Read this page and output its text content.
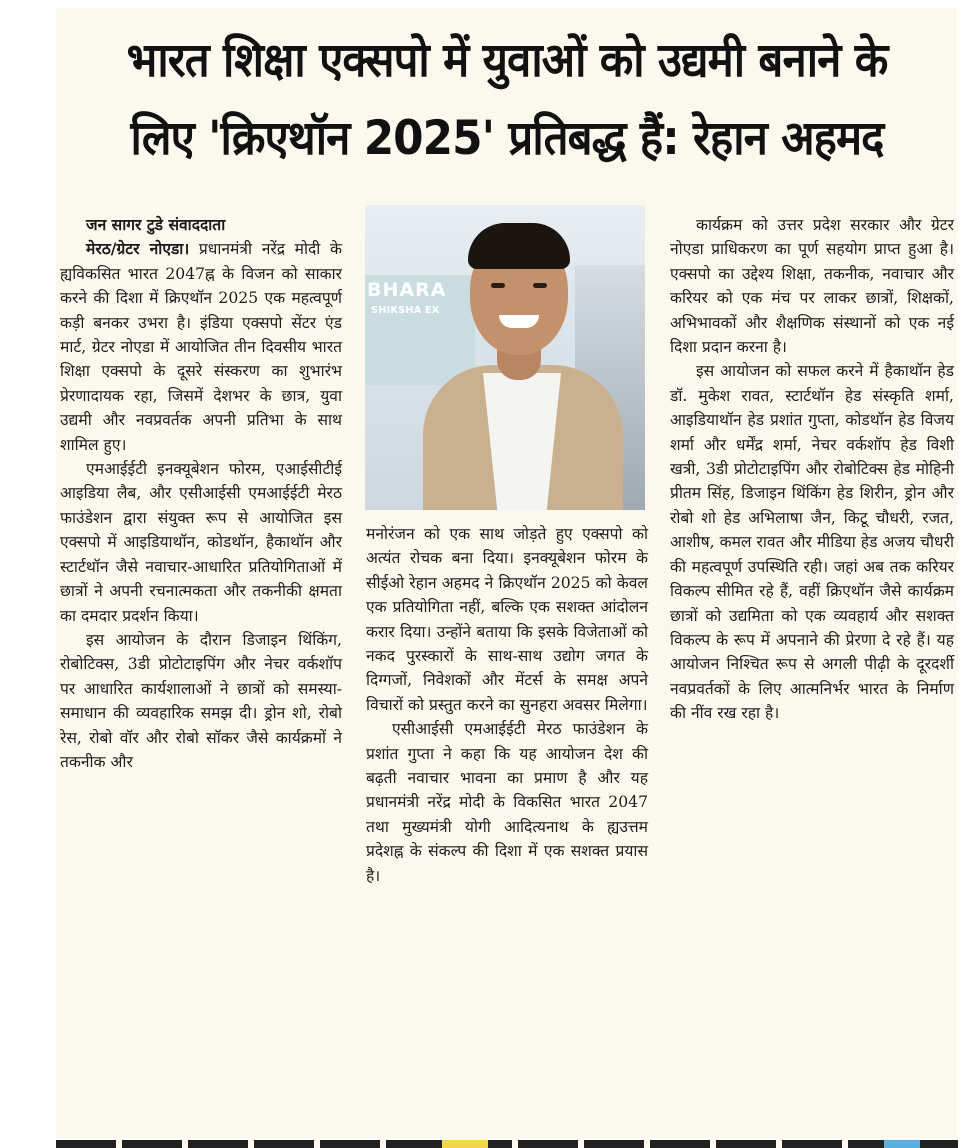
भारत शिक्षा एक्सपो में युवाओं को उद्यमी बनाने के
लिए 'क्रिएथॉन 2025' प्रतिबद्ध हैं: रेहान अहमद

जन सागर टुडे संवाददाता

मेरठ/ग्रेटर नोएडा। प्रधानमंत्री नरेंद्र मोदी के ह्यविकसित भारत 2047ह्न के विजन को साकार करने की दिशा में क्रिएथॉन 2025 एक महत्वपूर्ण कड़ी बनकर उभरा है। इंडिया एक्सपो सेंटर एंड मार्ट, ग्रेटर नोएडा में आयोजित तीन दिवसीय भारत शिक्षा एक्सपो के दूसरे संस्करण का शुभारंभ प्रेरणादायक रहा, जिसमें देशभर के छात्र, युवा उद्यमी और नवप्रवर्तक अपनी प्रतिभा के साथ शामिल हुए।

एमआईईटी इनक्यूबेशन फोरम, एआईसीटीई आइडिया लैब, और एसीआईसी एमआईईटी मेरठ फाउंडेशन द्वारा संयुक्त रूप से आयोजित इस एक्सपो में आइडियाथॉन, कोडथॉन, हैकाथॉन और स्टार्टथॉन जैसे नवाचार-आधारित प्रतियोगिताओं में छात्रों ने अपनी रचनात्मकता और तकनीकी क्षमता का दमदार प्रदर्शन किया।

इस आयोजन के दौरान डिजाइन थिंकिंग, रोबोटिक्स, 3डी प्रोटोटाइपिंग और नेचर वर्कशॉप पर आधारित कार्यशालाओं ने छात्रों को समस्या-समाधान की व्यवहारिक समझ दी। ड्रोन शो, रोबो रेस, रोबो वॉर और रोबो सॉकर जैसे कार्यक्रमों ने तकनीक और

BHARA
SHIKSHA EX

मनोरंजन को एक साथ जोड़ते हुए एक्सपो को अत्यंत रोचक बना दिया। इनक्यूबेशन फोरम के सीईओ रेहान अहमद ने क्रिएथॉन 2025 को केवल एक प्रतियोगिता नहीं, बल्कि एक सशक्त आंदोलन करार दिया। उन्होंने बताया कि इसके विजेताओं को नकद पुरस्कारों के साथ-साथ उद्योग जगत के दिग्गजों, निवेशकों और मेंटर्स के समक्ष अपने विचारों को प्रस्तुत करने का सुनहरा अवसर मिलेगा।

एसीआईसी एमआईईटी मेरठ फाउंडेशन के प्रशांत गुप्ता ने कहा कि यह आयोजन देश की बढ़ती नवाचार भावना का प्रमाण है और यह प्रधानमंत्री नरेंद्र मोदी के विकसित भारत 2047 तथा मुख्यमंत्री योगी आदित्यनाथ के ह्यउत्तम प्रदेशह्न के संकल्प की दिशा में एक सशक्त प्रयास है।

कार्यक्रम को उत्तर प्रदेश सरकार और ग्रेटर नोएडा प्राधिकरण का पूर्ण सहयोग प्राप्त हुआ है। एक्सपो का उद्देश्य शिक्षा, तकनीक, नवाचार और करियर को एक मंच पर लाकर छात्रों, शिक्षकों, अभिभावकों और शैक्षणिक संस्थानों को एक नई दिशा प्रदान करना है।

इस आयोजन को सफल करने में हैकाथॉन हेड डॉ. मुकेश रावत, स्टार्टथॉन हेड संस्कृति शर्मा, आइडियाथॉन हेड प्रशांत गुप्ता, कोडथॉन हेड विजय शर्मा और धर्मेंद्र शर्मा, नेचर वर्कशॉप हेड विशी खत्री, 3डी प्रोटोटाइपिंग और रोबोटिक्स हेड मोहिनी प्रीतम सिंह, डिजाइन थिंकिंग हेड शिरीन, ड्रोन और रोबो शो हेड अभिलाषा जैन, किटू चौधरी, रजत, आशीष, कमल रावत और मीडिया हेड अजय चौधरी की महत्वपूर्ण उपस्थिति रही। जहां अब तक करियर विकल्प सीमित रहे हैं, वहीं क्रिएथॉन जैसे कार्यक्रम छात्रों को उद्यमिता को एक व्यवहार्य और सशक्त विकल्प के रूप में अपनाने की प्रेरणा दे रहे हैं। यह आयोजन निश्चित रूप से अगली पीढ़ी के दूरदर्शी नवप्रवर्तकों के लिए आत्मनिर्भर भारत के निर्माण की नींव रख रहा है।
